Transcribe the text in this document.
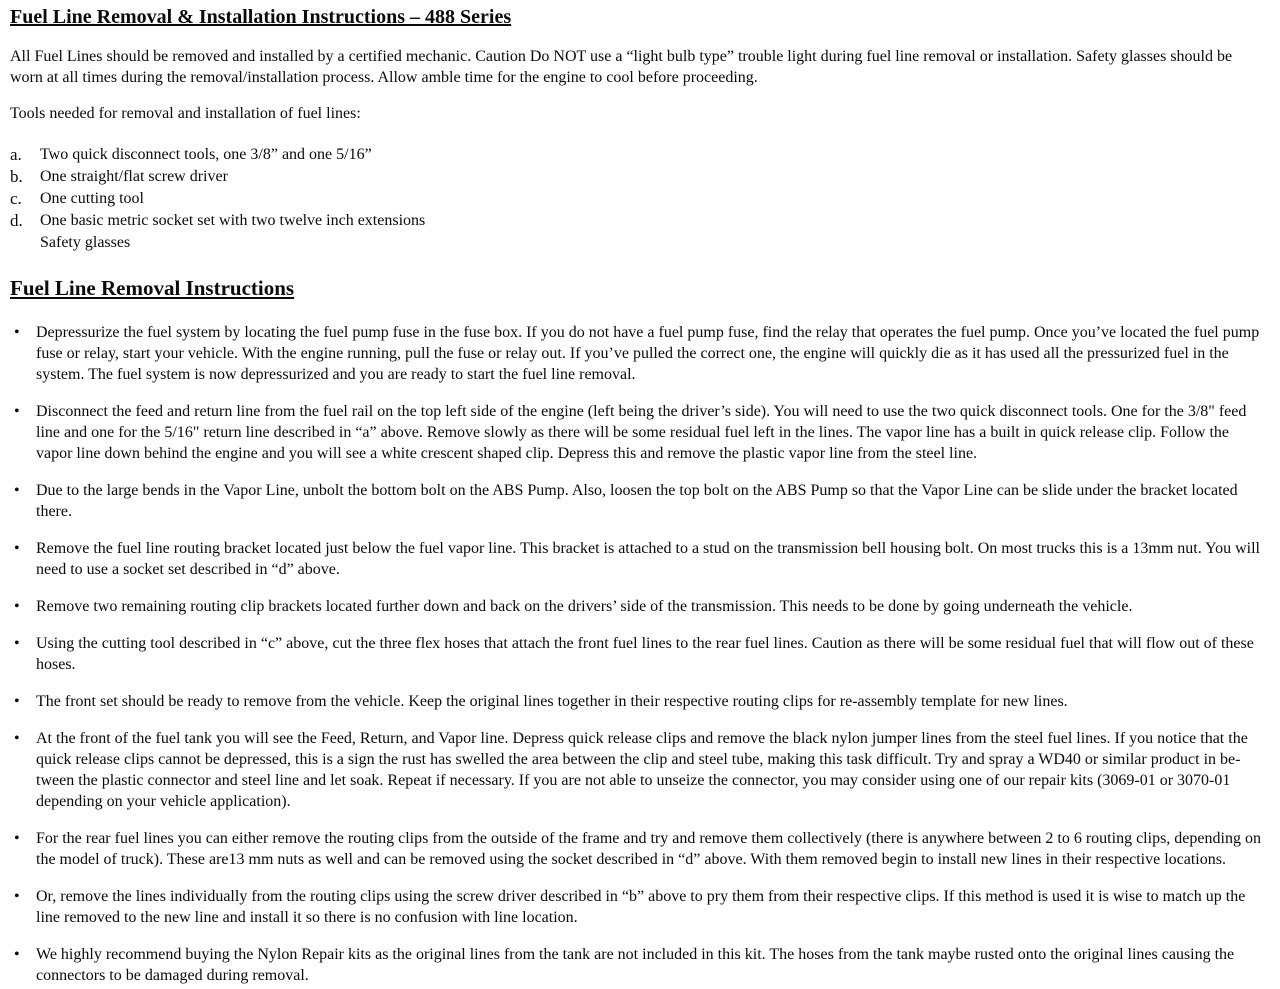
Fuel Line Removal & Installation Instructions – 488 Series

All Fuel Lines should be removed and installed by a certified mechanic. Caution Do NOT use a “light bulb type” trouble light during fuel line removal or installation. Safety glasses should be worn at all times during the removal/installation process. Allow amble time for the engine to cool before proceeding.

Tools needed for removal and installation of fuel lines:

a.	Two quick disconnect tools, one 3/8” and one 5/16”
b.	One straight/flat screw driver
c.	One cutting tool
d.	One basic metric socket set with two twelve inch extensions
Safety glasses
Fuel Line Removal Instructions
•	Depressurize the fuel system by locating the fuel pump fuse in the fuse box. If you do not have a fuel pump fuse, find the relay that operates the fuel pump. Once you’ve located the fuel pump fuse or relay, start your vehicle. With the engine running, pull the fuse or relay out. If you’ve pulled the correct one, the engine will quickly die as it has used all the pressurized fuel in the system. The fuel system is now depressurized and you are ready to start the fuel line removal.
•	Disconnect the feed and return line from the fuel rail on the top left side of the engine (left being the driver’s side). You will need to use the two quick disconnect tools. One for the 3/8" feed line and one for the 5/16" return line described in “a” above. Remove slowly as there will be some residual fuel left in the lines. The vapor line has a built in quick release clip. Follow the vapor line down behind the engine and you will see a white crescent shaped clip. Depress this and remove the plastic vapor line from the steel line.
•	Due to the large bends in the Vapor Line, unbolt the bottom bolt on the ABS Pump. Also, loosen the top bolt on the ABS Pump so that the Vapor Line can be slide under the bracket located there.
•	Remove the fuel line routing bracket located just below the fuel vapor line. This bracket is attached to a stud on the transmission bell housing bolt. On most trucks this is a 13mm nut. You will need to use a socket set described in “d” above.
•	Remove two remaining routing clip brackets located further down and back on the drivers’ side of the transmission. This needs to be done by going underneath the vehicle.
•	Using the cutting tool described in “c” above, cut the three flex hoses that attach the front fuel lines to the rear fuel lines. Caution as there will be some residual fuel that will flow out of these hoses.
•	The front set should be ready to remove from the vehicle. Keep the original lines together in their respective routing clips for re-assembly template for new lines.
•	At the front of the fuel tank you will see the Feed, Return, and Vapor line. Depress quick release clips and remove the black nylon jumper lines from the steel fuel lines. If you notice that the quick release clips cannot be depressed, this is a sign the rust has swelled the area between the clip and steel tube, making this task difficult. Try and spray a WD40 or similar product in be-tween the plastic connector and steel line and let soak. Repeat if necessary. If you are not able to unseize the connector, you may consider using one of our repair kits (3069-01 or 3070-01 depending on your vehicle application).
•	For the rear fuel lines you can either remove the routing clips from the outside of the frame and try and remove them collectively (there is anywhere between 2 to 6 routing clips, depending on the model of truck). These are13 mm nuts as well and can be removed using the socket described in “d” above. With them removed begin to install new lines in their respective locations.
•	Or, remove the lines individually from the routing clips using the screw driver described in “b” above to pry them from their respective clips. If this method is used it is wise to match up the line removed to the new line and install it so there is no confusion with line location.
•	We highly recommend buying the Nylon Repair kits as the original lines from the tank are not included in this kit. The hoses from the tank maybe rusted onto the original lines causing the connectors to be damaged during removal.
